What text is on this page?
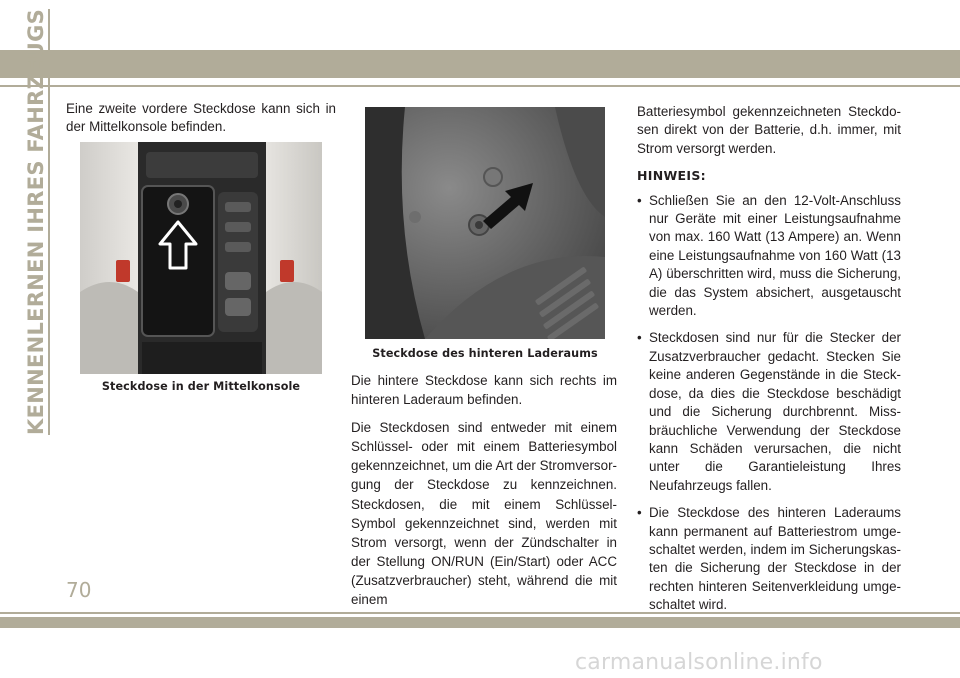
KENNENLERNEN IHRES FAHRZEUGS Eine zweite vordere Steckdose kann sich in der Mittelkonsole befinden.

Steckdose in der Mittelkonsole
Steckdose des hinteren Laderaums

Die hintere Steckdose kann sich rechts im hinteren Laderaum befinden.

Die Steckdosen sind entweder mit einem Schlüssel- oder mit einem Batteriesymbol gekennzeichnet, um die Art der Stromversorgung der Steckdose zu kennzeichnen. Steckdosen, die mit einem Schlüssel-Symbol gekennzeichnet sind, werden mit Strom versorgt, wenn der Zündschalter in der Stellung ON/RUN (Ein/Start) oder ACC (Zusatzverbraucher) steht, während die mit einem

Batteriesymbol gekennzeichneten Steckdosen direkt von der Batterie, d.h. immer, mit Strom versorgt werden.

HINWEIS:

• Schließen Sie an den 12-Volt-Anschluss nur Geräte mit einer Leistungsaufnahme von max. 160 Watt (13 Ampere) an. Wenn eine Leistungsaufnahme von 160 Watt (13 A) überschritten wird, muss die Sicherung, die das System absichert, ausgetauscht werden.
• Steckdosen sind nur für die Stecker der Zusatzverbraucher gedacht. Stecken Sie keine anderen Gegenstände in die Steckdose, da dies die Steckdose beschädigt und die Sicherung durchbrennt. Missbräuchliche Verwendung der Steckdose kann Schäden verursachen, die nicht unter die Garantieleistung Ihres Neufahrzeugs fallen.
• Die Steckdose des hinteren Laderaums kann permanent auf Batteriestrom umgeschaltet werden, indem im Sicherungskasten die Sicherung der Steckdose in der rechten hinteren Seitenverkleidung umgeschaltet wird.
70
carmanualsonline.info
